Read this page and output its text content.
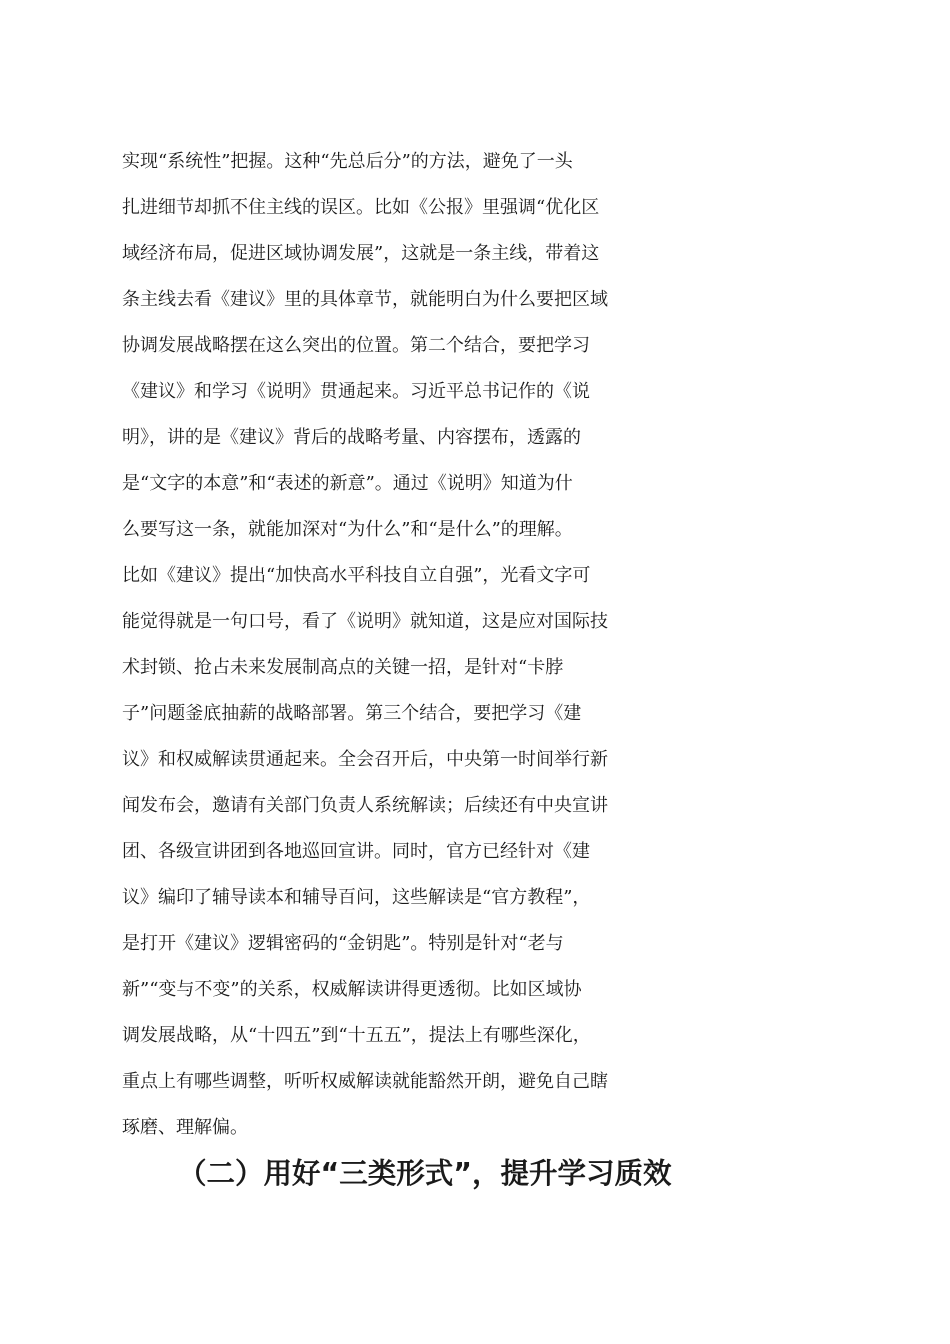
实现“系统性”把握。这种“先总后分”的方法，避免了一头
扎进细节却抓不住主线的误区。比如《公报》里强调“优化区
域经济布局，促进区域协调发展”，这就是一条主线，带着这
条主线去看《建议》里的具体章节，就能明白为什么要把区域
协调发展战略摆在这么突出的位置。第二个结合，要把学习
《建议》和学习《说明》贯通起来。习近平总书记作的《说
明》，讲的是《建议》背后的战略考量、内容摆布，透露的
是“文字的本意”和“表述的新意”。通过《说明》知道为什
么要写这一条，就能加深对“为什么”和“是什么”的理解。
比如《建议》提出“加快高水平科技自立自强”，光看文字可
能觉得就是一句口号，看了《说明》就知道，这是应对国际技
术封锁、抢占未来发展制高点的关键一招，是针对“卡脖
子”问题釜底抽薪的战略部署。第三个结合，要把学习《建
议》和权威解读贯通起来。全会召开后，中央第一时间举行新
闻发布会，邀请有关部门负责人系统解读；后续还有中央宣讲
团、各级宣讲团到各地巡回宣讲。同时，官方已经针对《建
议》编印了辅导读本和辅导百问，这些解读是“官方教程”，
是打开《建议》逻辑密码的“金钥匙”。特别是针对“老与
新”“变与不变”的关系，权威解读讲得更透彻。比如区域协
调发展战略，从“十四五”到“十五五”，提法上有哪些深化，
重点上有哪些调整，听听权威解读就能豁然开朗，避免自己瞎
琢磨、理解偏。
（二）用好“三类形式”，提升学习质效
